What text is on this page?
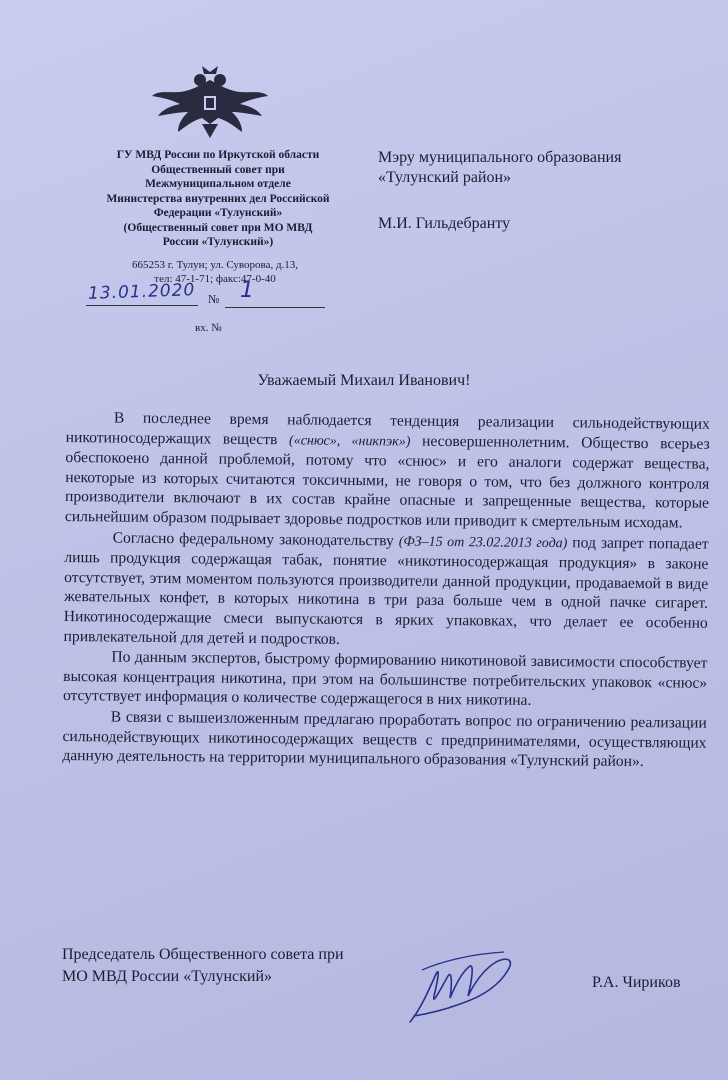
ГУ МВД России по Иркутской области
Общественный совет при
Межмуниципальном отделе
Министерства внутренних дел Российской
Федерации «Тулунский»
(Общественный совет при МО МВД
России «Тулунский»)
665253 г. Тулун; ул. Суворова, д.13,
тел: 47-1-71; факс:47-0-40
13.01.2020 № 1
вх. №
Мэру муниципального образования
«Тулунский район»
М.И. Гильдебранту
Уважаемый Михаил Иванович!

В последнее время наблюдается тенденция реализации сильнодействующих никотиносодержащих веществ («снюс», «никпэк») несовершеннолетним. Общество всерьез обеспокоено данной проблемой, потому что «снюс» и его аналоги содержат вещества, некоторые из которых считаются токсичными, не говоря о том, что без должного контроля производители включают в их состав крайне опасные и запрещенные вещества, которые сильнейшим образом подрывает здоровье подростков или приводит к смертельным исходам.

Согласно федеральному законодательству (ФЗ–15 от 23.02.2013 года) под запрет попадает лишь продукция содержащая табак, понятие «никотиносодержащая продукция» в законе отсутствует, этим моментом пользуются производители данной продукции, продаваемой в виде жевательных конфет, в которых никотина в три раза больше чем в одной пачке сигарет. Никотиносодержащие смеси выпускаются в ярких упаковках, что делает ее особенно привлекательной для детей и подростков.

По данным экспертов, быстрому формированию никотиновой зависимости способствует высокая концентрация никотина, при этом на большинстве потребительских упаковок «снюс» отсутствует информация о количестве содержащегося в них никотина.

В связи с вышеизложенным предлагаю проработать вопрос по ограничению реализации сильнодействующих никотиносодержащих веществ с предпринимателями, осуществляющих данную деятельность на территории муниципального образования «Тулунский район».

Председатель Общественного совета при
МО МВД России «Тулунский»	Р.А. Чириков
